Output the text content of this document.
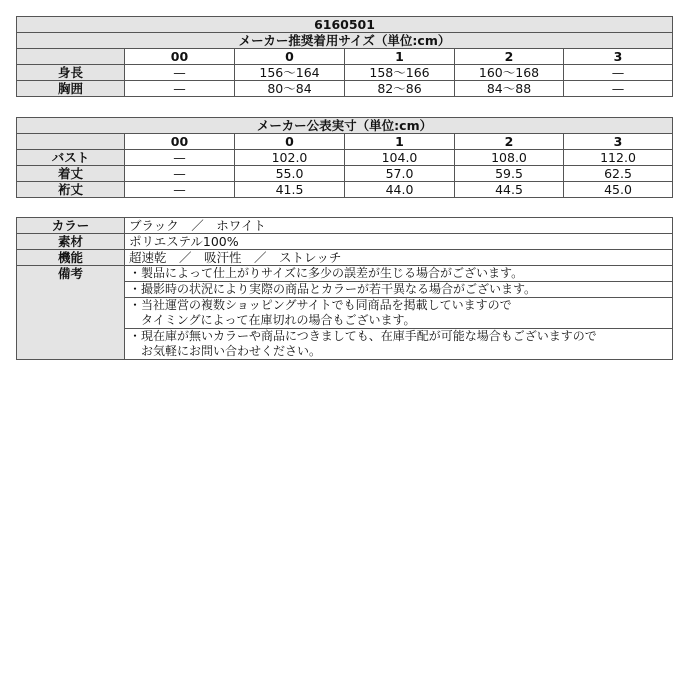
6160501					
メーカー推奨着用サイズ（単位:cm）					
	00	0	1	2	3
身長	—	156〜164	158〜166	160〜168	—
胸囲	—	80〜84	82〜86	84〜88	—
メーカー公表実寸（単位:cm）					
	00	0	1	2	3
バスト	—	102.0	104.0	108.0	112.0
着丈	—	55.0	57.0	59.5	62.5
裄丈	—	41.5	44.0	44.5	45.0
カラー	ブラック　／　ホワイト
素材	ポリエステル100%
機能	超速乾　／　吸汗性　／　ストレッチ
備考	・製品によって仕上がりサイズに多少の誤差が生じる場合がございます。
	・撮影時の状況により実際の商品とカラーが若干異なる場合がございます。
	・当社運営の複数ショッピングサイトでも同商品を掲載していますので
	　タイミングによって在庫切れの場合もございます。
	・現在庫が無いカラーや商品につきましても、在庫手配が可能な場合もございますので
	　お気軽にお問い合わせください。
